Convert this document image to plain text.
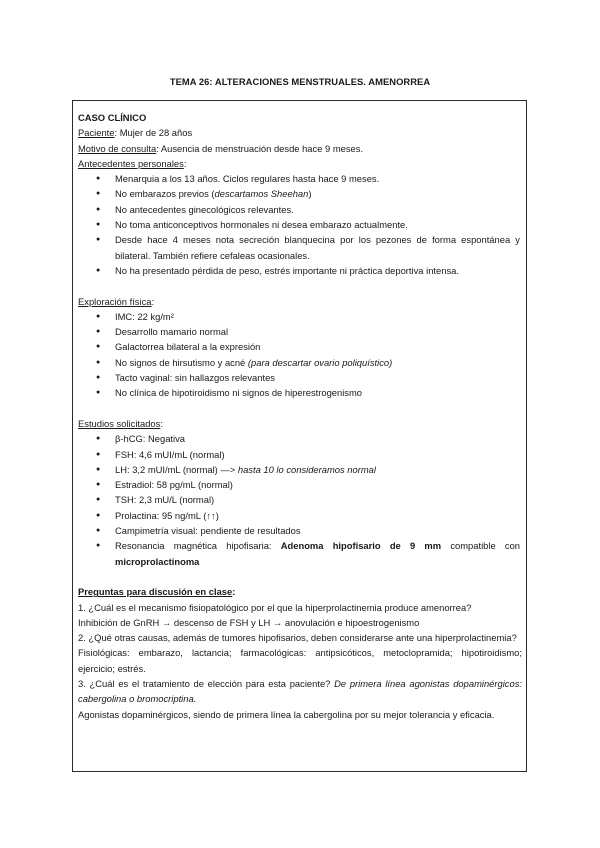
TEMA 26: ALTERACIONES MENSTRUALES. AMENORREA
CASO CLÍNICO
Paciente: Mujer de 28 años
Motivo de consulta: Ausencia de menstruación desde hace 9 meses.
Antecedentes personales:
● Menarquia a los 13 años. Ciclos regulares hasta hace 9 meses.
● No embarazos previos (descartamos Sheehan)
● No antecedentes ginecológicos relevantes.
● No toma anticonceptivos hormonales ni desea embarazo actualmente.
● Desde hace 4 meses nota secreción blanquecina por los pezones de forma espontánea y bilateral. También refiere cefaleas ocasionales.
● No ha presentado pérdida de peso, estrés importante ni práctica deportiva intensa.
Exploración física:
● IMC: 22 kg/m²
● Desarrollo mamario normal
● Galactorrea bilateral a la expresión
● No signos de hirsutismo y acné (para descartar ovario poliquístico)
● Tacto vaginal: sin hallazgos relevantes
● No clínica de hipotiroidismo ni signos de hiperestrogenismo
Estudios solicitados:
● β-hCG: Negativa
● FSH: 4,6 mUI/mL (normal)
● LH: 3,2 mUI/mL (normal) —> hasta 10 lo consideramos normal
● Estradiol: 58 pg/mL (normal)
● TSH: 2,3 mU/L (normal)
● Prolactina: 95 ng/mL (↑↑)
● Campimetría visual: pendiente de resultados
● Resonancia magnética hipofisaria: Adenoma hipofisario de 9 mm compatible con microprolactinoma
Preguntas para discusión en clase:
1. ¿Cuál es el mecanismo fisiopatológico por el que la hiperprolactinemia produce amenorrea?
Inhibición de GnRH → descenso de FSH y LH → anovulación e hipoestrogenismo
2. ¿Qué otras causas, además de tumores hipofisarios, deben considerarse ante una hiperprolactinemia?
Fisiológicas: embarazo, lactancia; farmacológicas: antipsicóticos, metoclopramida; hipotiroidismo; ejercicio; estrés.
3. ¿Cuál es el tratamiento de elección para esta paciente? De primera línea agonistas dopaminérgicos: cabergolina o bromocriptina.
Agonistas dopaminérgicos, siendo de primera línea la cabergolina por su mejor tolerancia y eficacia.
